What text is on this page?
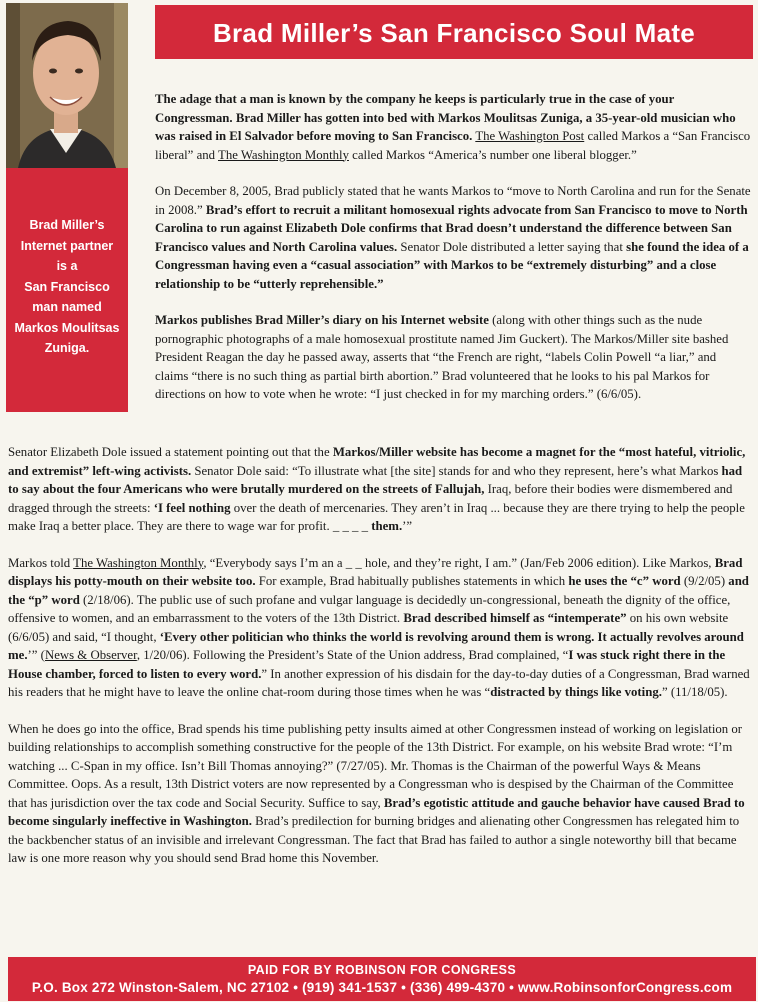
Brad Miller’s San Francisco Soul Mate
Brad Miller’s
Internet partner
is a
San Francisco
man named
Markos Moulitsas
Zuniga.

The adage that a man is known by the company he keeps is particularly true in the case of your Congressman. Brad Miller has gotten into bed with Markos Moulitsas Zuniga, a 35-year-old musician who was raised in El Salvador before moving to San Francisco. The Washington Post called Markos a “San Francisco liberal” and The Washington Monthly called Markos “America’s number one liberal blogger.”

On December 8, 2005, Brad publicly stated that he wants Markos to “move to North Carolina and run for the Senate in 2008.” Brad’s effort to recruit a militant homosexual rights advocate from San Francisco to move to North Carolina to run against Elizabeth Dole confirms that Brad doesn’t understand the difference between San Francisco values and North Carolina values. Senator Dole distributed a letter saying that she found the idea of a Congressman having even a “casual association” with Markos to be “extremely disturbing” and a close relationship to be “utterly reprehensible.”

Markos publishes Brad Miller’s diary on his Internet website (along with other things such as the nude pornographic photographs of a male homosexual prostitute named Jim Guckert). The Markos/Miller site bashed President Reagan the day he passed away, asserts that “the French are right, “labels Colin Powell “a liar,” and claims “there is no such thing as partial birth abortion.” Brad volunteered that he looks to his pal Markos for directions on how to vote when he wrote: “I just checked in for my marching orders.” (6/6/05).

Senator Elizabeth Dole issued a statement pointing out that the Markos/Miller website has become a magnet for the “most hateful, vitriolic, and extremist” left-wing activists. Senator Dole said: “To illustrate what [the site] stands for and who they represent, here’s what Markos had to say about the four Americans who were brutally murdered on the streets of Fallujah, Iraq, before their bodies were dismembered and dragged through the streets: ‘I feel nothing over the death of mercenaries. They aren’t in Iraq ... because they are there trying to help the people make Iraq a better place. They are there to wage war for profit. _ _ _ _ them.’”

Markos told The Washington Monthly, “Everybody says I’m an a _ _ hole, and they’re right, I am.” (Jan/Feb 2006 edition). Like Markos, Brad displays his potty-mouth on their website too. For example, Brad habitually publishes statements in which he uses the “c” word (9/2/05) and the “p” word (2/18/06). The public use of such profane and vulgar language is decidedly un-congressional, beneath the dignity of the office, offensive to women, and an embarrassment to the voters of the 13th District. Brad described himself as “intemperate” on his own website (6/6/05) and said, “I thought, ‘Every other politician who thinks the world is revolving around them is wrong. It actually revolves around me.’” (News & Observer, 1/20/06). Following the President’s State of the Union address, Brad complained, “I was stuck right there in the House chamber, forced to listen to every word.” In another expression of his disdain for the day-to-day duties of a Congressman, Brad warned his readers that he might have to leave the online chat-room during those times when he was “distracted by things like voting.” (11/18/05).

When he does go into the office, Brad spends his time publishing petty insults aimed at other Congressmen instead of working on legislation or building relationships to accomplish something constructive for the people of the 13th District. For example, on his website Brad wrote: “I’m watching ... C-Span in my office. Isn’t Bill Thomas annoying?” (7/27/05). Mr. Thomas is the Chairman of the powerful Ways & Means Committee. Oops. As a result, 13th District voters are now represented by a Congressman who is despised by the Chairman of the Committee that has jurisdiction over the tax code and Social Security. Suffice to say, Brad’s egotistic attitude and gauche behavior have caused Brad to become singularly ineffective in Washington. Brad’s predilection for burning bridges and alienating other Congressmen has relegated him to the backbencher status of an invisible and irrelevant Congressman. The fact that Brad has failed to author a single noteworthy bill that became law is one more reason why you should send Brad home this November.

PAID FOR BY ROBINSON FOR CONGRESS
P.O. Box 272 Winston-Salem, NC 27102 • (919) 341-1537 • (336) 499-4370 • www.RobinsonforCongress.com
